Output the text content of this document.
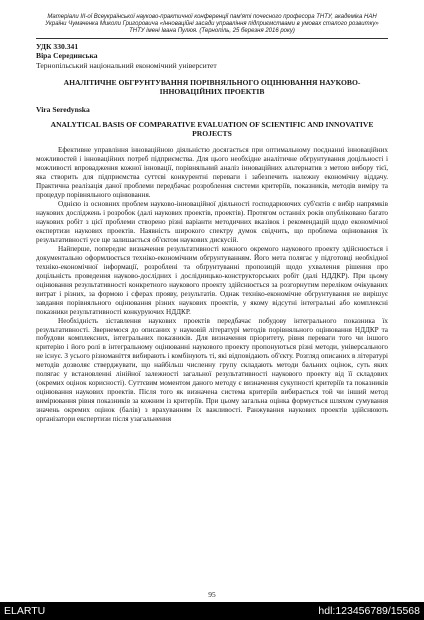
Матеріали ІІІ-ої Всеукраїнської науково-практичної конференції пам'яті почесного професора ТНТУ, академіка НАН України Чумаченка Миколи Григоровича «Інноваційні засади управління підприємствами в умовах сталого розвитку» ТНТУ імені Івана Пулюя. (Тернопіль, 25 березня 2016 року)

УДК 330.341

Віра Серединська

Тернопільський національний економічний університет

АНАЛІТИЧНЕ ОБГРУНТУВАННЯ ПОРІВНЯЛЬНОГО ОЦІНЮВАННЯ НАУКОВО-ІННОВАЦІЙНИХ ПРОЕКТІВ

Vira Seredynska

ANALYTICAL BASIS OF COMPARATIVE EVALUATION OF SCIENTIFIC AND INNOVATIVE PROJECTS

Ефективне управління інноваційною діяльністю досягається при оптимальному поєднанні інноваційних можливостей і інноваційних потреб підприємства. Для цього необхідне аналітичне обгрунтування доцільності і можливості впровадження кожної інновації, порівняльний аналіз інноваційних альтернатив з метою вибору тієї, яка створить для підприємства суттєві конкурентні переваги і забезпечить належну економічну віддачу. Практична реалізація даної проблеми передбачає розроблення системи критеріїв, показників, методів виміру та процедур порівняльного оцінювання.

Однією із основних проблем науково-інноваційної діяльності господарюючих суб'єктів є вибір напрямків наукових досліджень і розробок (далі наукових проектів, проектів). Протягом останніх років опубліковано багато наукових робіт з цієї проблеми створено різні варіанти методичних вказівок і рекомендацій щодо економічної експертизи наукових проектів. Наявність широкого спектру думок свідчить, що проблема оцінювання їх результативності усе ще залишається об'єктом наукових дискусій.

Найперше, попереднє визначення результативності кожного окремого наукового проекту здійснюється і документально оформлюється техніко-економічним обгрунтуванням. Його мета полягає у підготовці необхідної техніко-економічної інформації, розроблені та обґрунтуванні пропозицій щодо ухвалення рішення про доцільність проведення науково-дослідних і дослідницько-конструкторських робіт (далі НДДКР). При цьому оцінювання результативності конкретного наукового проекту здійснюється за розгорнутим переліком очікуваних витрат і різних, за формою і сферах прояву, результатів. Однак техніко-економічне обгрунтування не вирішує завдання порівняльного оцінювання різних наукових проектів, у якому відсутні інтегральні або комплексні показники результативності конкуруючих НДДКР.

Необхідність зіставлення наукових проектів передбачає побудову інтегрального показника їх результативності. Звернемося до описаних у науковій літературі методів порівняльного оцінювання НДДКР та побудови комплексних, інтегральних показників. Для визначення пріоритету, рівня переваги того чи іншого критерію і його ролі в інтегральному оцінюванні наукового проекту пропонуються різні методи, універсального не існує. З усього різноманіття вибирають і комбінують ті, які відповідають об'єкту. Розгляд описаних в літературі методів дозволяє стверджувати, що найбільш численну групу складають методи бальних оцінок, суть яких полягає у встановленні лінійної залежності загальної результативності наукового проекту від її складових (окремих оцінок корисності). Суттєвим моментом даного методу є визначення сукупності критеріїв та показників оцінювання наукових проектів. Після того як визначена система критеріїв вибирається той чи інший метод вимірювання рівня показників за кожним із критеріїв. При цьому загальна оцінка формується шляхом сумування значень окремих оцінок (балів) з врахуванням їх важливості. Ранжування наукових проектів здійснюють організатори експертизи після узагальнення

95
ELARTU	hdl:123456789/15568
